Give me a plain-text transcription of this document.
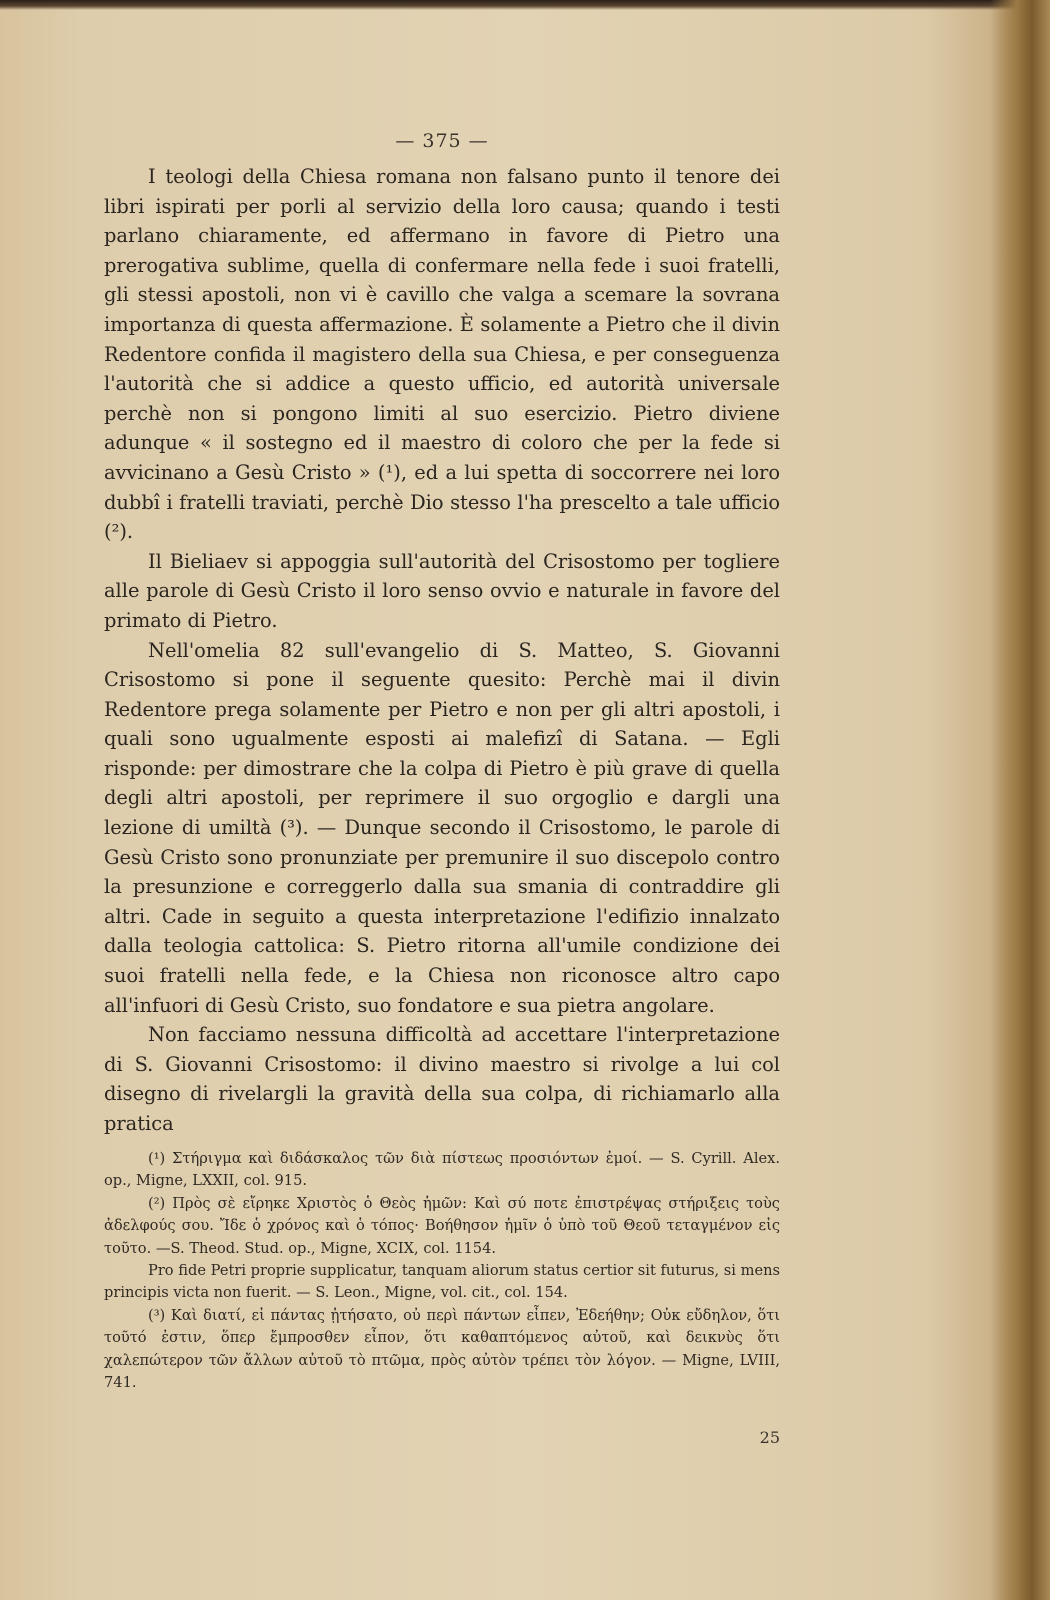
— 375 —

I teologi della Chiesa romana non falsano punto il tenore dei libri ispirati per porli al servizio della loro causa; quando i testi parlano chiaramente, ed affermano in favore di Pietro una prerogativa sublime, quella di confermare nella fede i suoi fratelli, gli stessi apostoli, non vi è cavillo che valga a scemare la sovrana importanza di questa affermazione. È solamente a Pietro che il divin Redentore confida il magistero della sua Chiesa, e per conseguenza l'autorità che si addice a questo ufficio, ed autorità universale perchè non si pongono limiti al suo esercizio. Pietro diviene adunque « il sostegno ed il maestro di coloro che per la fede si avvicinano a Gesù Cristo » (¹), ed a lui spetta di soccorrere nei loro dubbî i fratelli traviati, perchè Dio stesso l'ha prescelto a tale ufficio (²).

Il Bieliaev si appoggia sull'autorità del Crisostomo per togliere alle parole di Gesù Cristo il loro senso ovvio e naturale in favore del primato di Pietro.

Nell'omelia 82 sull'evangelio di S. Matteo, S. Giovanni Crisostomo si pone il seguente quesito: Perchè mai il divin Redentore prega solamente per Pietro e non per gli altri apostoli, i quali sono ugualmente esposti ai malefizî di Satana. — Egli risponde: per dimostrare che la colpa di Pietro è più grave di quella degli altri apostoli, per reprimere il suo orgoglio e dargli una lezione di umiltà (³). — Dunque secondo il Crisostomo, le parole di Gesù Cristo sono pronunziate per premunire il suo discepolo contro la presunzione e correggerlo dalla sua smania di contraddire gli altri. Cade in seguito a questa interpretazione l'edifizio innalzato dalla teologia cattolica: S. Pietro ritorna all'umile condizione dei suoi fratelli nella fede, e la Chiesa non riconosce altro capo all'infuori di Gesù Cristo, suo fondatore e sua pietra angolare.

Non facciamo nessuna difficoltà ad accettare l'interpretazione di S. Giovanni Crisostomo: il divino maestro si rivolge a lui col disegno di rivelargli la gravità della sua colpa, di richiamarlo alla pratica

(¹) Στήριγμα καὶ διδάσκαλος τῶν διὰ πίστεως προσιόντων ἐμοί. — S. Cyrill. Alex. op., Migne, LXXII, col. 915.

(²) Πρὸς σὲ εἴρηκε Χριστὸς ὁ Θεὸς ἡμῶν: Καὶ σύ ποτε ἐπιστρέψας στήριξεις τοὺς ἀδελφούς σου. Ἴδε ὁ χρόνος καὶ ὁ τόπος· Βοήθησον ἡμῖν ὁ ὑπὸ τοῦ Θεοῦ τεταγμένον εἰς τοῦτο. —S. Theod. Stud. op., Migne, XCIX, col. 1154.

Pro fide Petri proprie supplicatur, tanquam aliorum status certior sit futurus, si mens principis victa non fuerit. — S. Leon., Migne, vol. cit., col. 154.

(³) Καὶ διατί, εἰ πάντας ᾐτήσατο, οὐ περὶ πάντων εἶπεν, Ἐδεήθην; Οὐκ εὔδηλον, ὅτι τοῦτό ἐστιν, ὅπερ ἔμπροσθεν εἶπον, ὅτι καθαπτόμενος αὐτοῦ, καὶ δεικνὺς ὅτι χαλεπώτερον τῶν ἄλλων αὐτοῦ τὸ πτῶμα, πρὸς αὐτὸν τρέπει τὸν λόγον. — Migne, LVIII, 741.

25
